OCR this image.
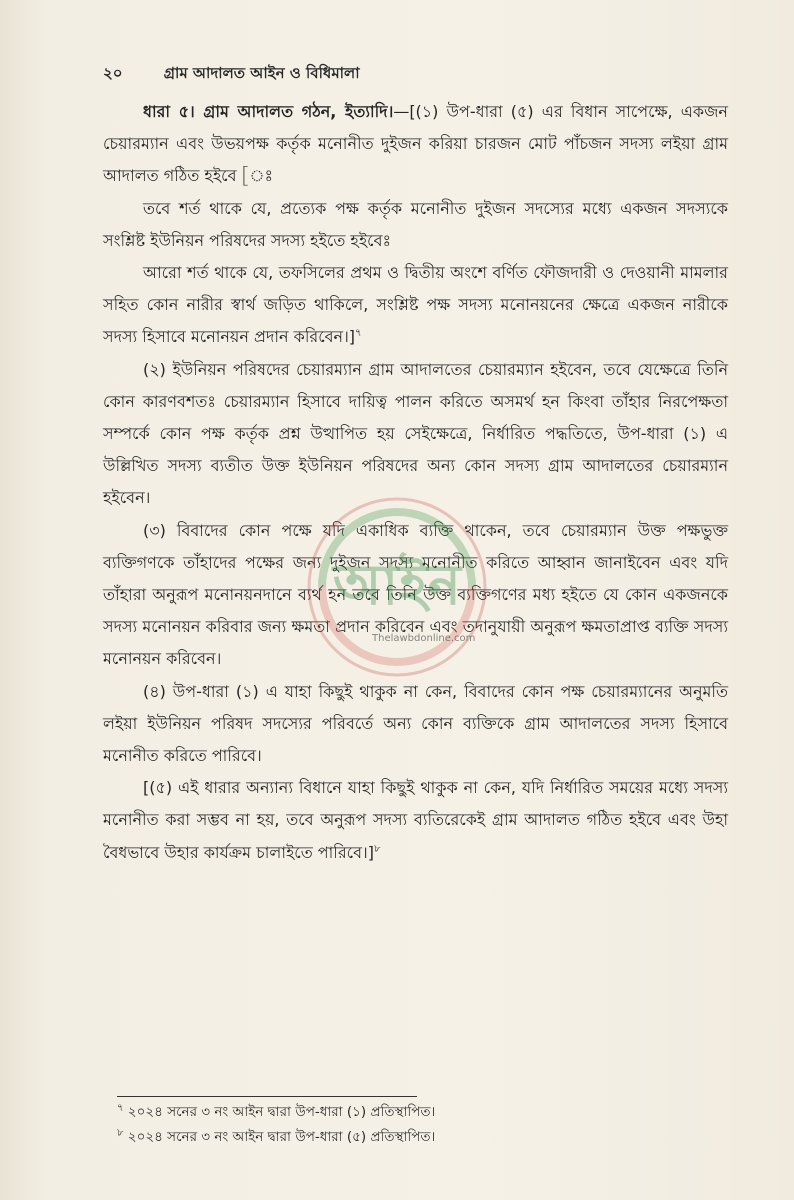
২০	গ্রাম আদালত আইন ও বিধিমালা

ধারা ৫। গ্রাম আদালত গঠন, ইত্যাদি।—[(১) উপ-ধারা (৫) এর বিধান সাপেক্ষে, একজন চেয়ারম্যান এবং উভয়পক্ষ কর্তৃক মনোনীত দুইজন করিয়া চারজন মোট পাঁচজন সদস্য লইয়া গ্রাম আদালত গঠিত হইবে [ঃ

তবে শর্ত থাকে যে, প্রত্যেক পক্ষ কর্তৃক মনোনীত দুইজন সদস্যের মধ্যে একজন সদস্যকে সংশ্লিষ্ট ইউনিয়ন পরিষদের সদস্য হইতে হইবেঃ

আরো শর্ত থাকে যে, তফসিলের প্রথম ও দ্বিতীয় অংশে বর্ণিত ফৌজদারী ও দেওয়ানী মামলার সহিত কোন নারীর স্বার্থ জড়িত থাকিলে, সংশ্লিষ্ট পক্ষ সদস্য মনোনয়নের ক্ষেত্রে একজন নারীকে সদস্য হিসাবে মনোনয়ন প্রদান করিবেন।]$^৭$

(২) ইউনিয়ন পরিষদের চেয়ারম্যান গ্রাম আদালতের চেয়ারম্যান হইবেন, তবে যেক্ষেত্রে তিনি কোন কারণবশতঃ চেয়ারম্যান হিসাবে দায়িত্ব পালন করিতে অসমর্থ হন কিংবা তাঁহার নিরপেক্ষতা সম্পর্কে কোন পক্ষ কর্তৃক প্রশ্ন উত্থাপিত হয় সেইক্ষেত্রে, নির্ধারিত পদ্ধতিতে, উপ-ধারা (১) এ উল্লিখিত সদস্য ব্যতীত উক্ত ইউনিয়ন পরিষদের অন্য কোন সদস্য গ্রাম আদালতের চেয়ারম্যান হইবেন।

(৩) বিবাদের কোন পক্ষে যদি একাধিক ব্যক্তি থাকেন, তবে চেয়ারম্যান উক্ত পক্ষভুক্ত ব্যক্তিগণকে তাঁহাদের পক্ষের জন্য দুইজন সদস্য মনোনীত করিতে আহ্বান জানাইবেন এবং যদি তাঁহারা অনুরূপ মনোনয়নদানে ব্যর্থ হন তবে তিনি উক্ত ব্যক্তিগণের মধ্য হইতে যে কোন একজনকে সদস্য মনোনয়ন করিবার জন্য ক্ষমতা প্রদান করিবেন এবং তদানুযায়ী অনুরূপ ক্ষমতাপ্রাপ্ত ব্যক্তি সদস্য মনোনয়ন করিবেন।

(৪) উপ-ধারা (১) এ যাহা কিছুই থাকুক না কেন, বিবাদের কোন পক্ষ চেয়ারম্যানের অনুমতি লইয়া ইউনিয়ন পরিষদ সদস্যের পরিবর্তে অন্য কোন ব্যক্তিকে গ্রাম আদালতের সদস্য হিসাবে মনোনীত করিতে পারিবে।

[(৫) এই ধারার অন্যান্য বিধানে যাহা কিছুই থাকুক না কেন, যদি নির্ধারিত সময়ের মধ্যে সদস্য মনোনীত করা সম্ভব না হয়, তবে অনুরূপ সদস্য ব্যতিরেকেই গ্রাম আদালত গঠিত হইবে এবং উহা বৈধভাবে উহার কার্যক্রম চালাইতে পারিবে।]$^৮$

$^৭$ ২০২৪ সনের ৩ নং আইন দ্বারা উপ-ধারা (১) প্রতিস্থাপিত।
$^৮$ ২০২৪ সনের ৩ নং আইন দ্বারা উপ-ধারা (৫) প্রতিস্থাপিত।
আইন
Thelawbdonline.com
